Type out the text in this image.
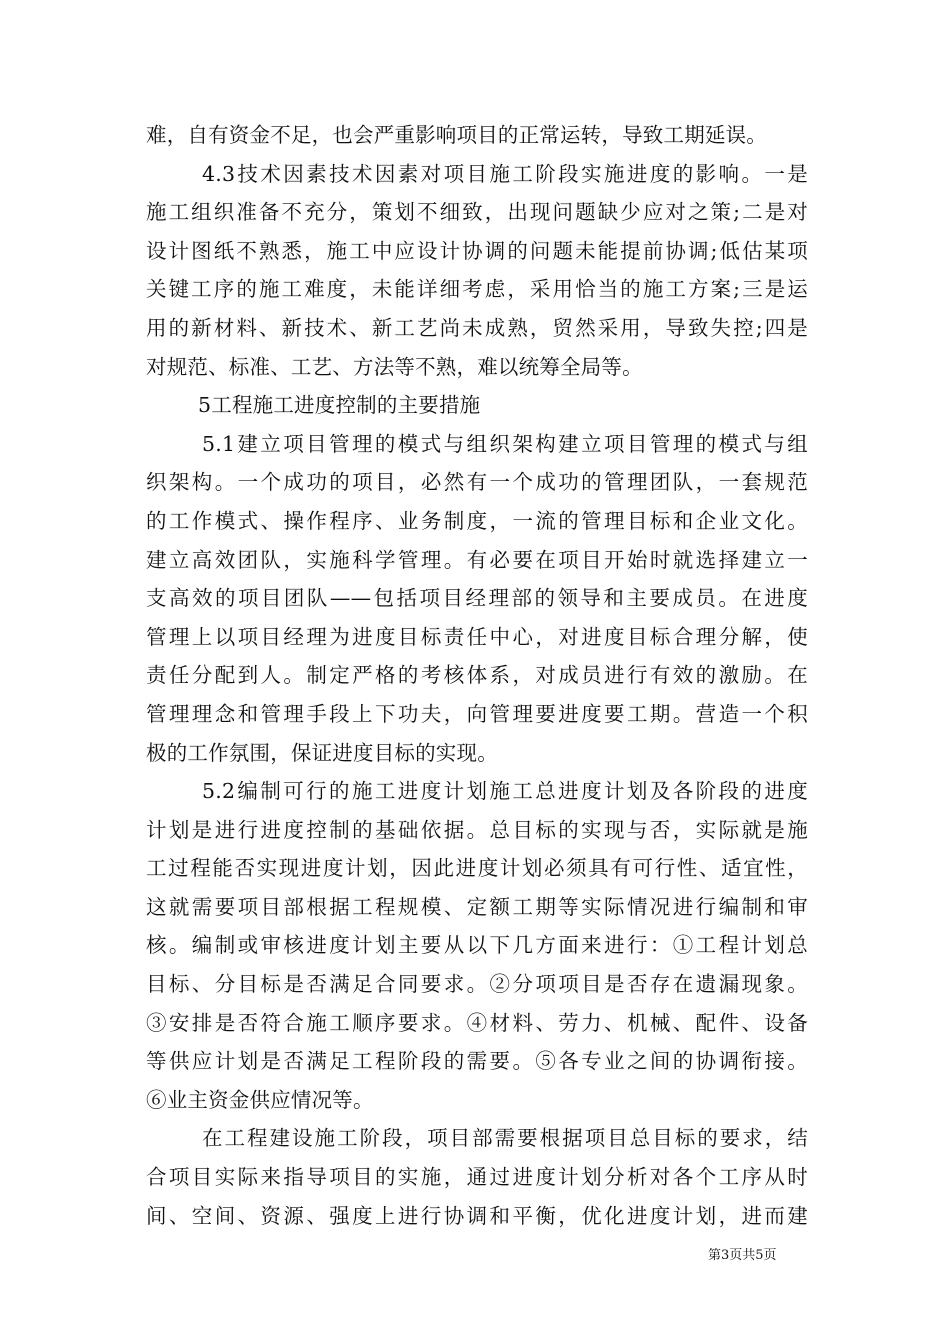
难，自有资金不足，也会严重影响项目的正常运转，导致工期延误。
4.3技术因素技术因素对项目施工阶段实施进度的影响。一是
施工组织准备不充分，策划不细致，出现问题缺少应对之策;二是对
设计图纸不熟悉，施工中应设计协调的问题未能提前协调;低估某项
关键工序的施工难度，未能详细考虑，采用恰当的施工方案;三是运
用的新材料、新技术、新工艺尚未成熟，贸然采用，导致失控;四是
对规范、标准、工艺、方法等不熟，难以统筹全局等。
5工程施工进度控制的主要措施
5.1建立项目管理的模式与组织架构建立项目管理的模式与组
织架构。一个成功的项目，必然有一个成功的管理团队，一套规范
的工作模式、操作程序、业务制度，一流的管理目标和企业文化。
建立高效团队，实施科学管理。有必要在项目开始时就选择建立一
支高效的项目团队——包括项目经理部的领导和主要成员。在进度
管理上以项目经理为进度目标责任中心，对进度目标合理分解，使
责任分配到人。制定严格的考核体系，对成员进行有效的激励。在
管理理念和管理手段上下功夫，向管理要进度要工期。营造一个积
极的工作氛围，保证进度目标的实现。
5.2编制可行的施工进度计划施工总进度计划及各阶段的进度
计划是进行进度控制的基础依据。总目标的实现与否，实际就是施
工过程能否实现进度计划，因此进度计划必须具有可行性、适宜性，
这就需要项目部根据工程规模、定额工期等实际情况进行编制和审
核。编制或审核进度计划主要从以下几方面来进行：①工程计划总
目标、分目标是否满足合同要求。②分项项目是否存在遗漏现象。
③安排是否符合施工顺序要求。④材料、劳力、机械、配件、设备
等供应计划是否满足工程阶段的需要。⑤各专业之间的协调衔接。
⑥业主资金供应情况等。
在工程建设施工阶段，项目部需要根据项目总目标的要求，结
合项目实际来指导项目的实施，通过进度计划分析对各个工序从时
间、空间、资源、强度上进行协调和平衡，优化进度计划，进而建
第3页共5页
